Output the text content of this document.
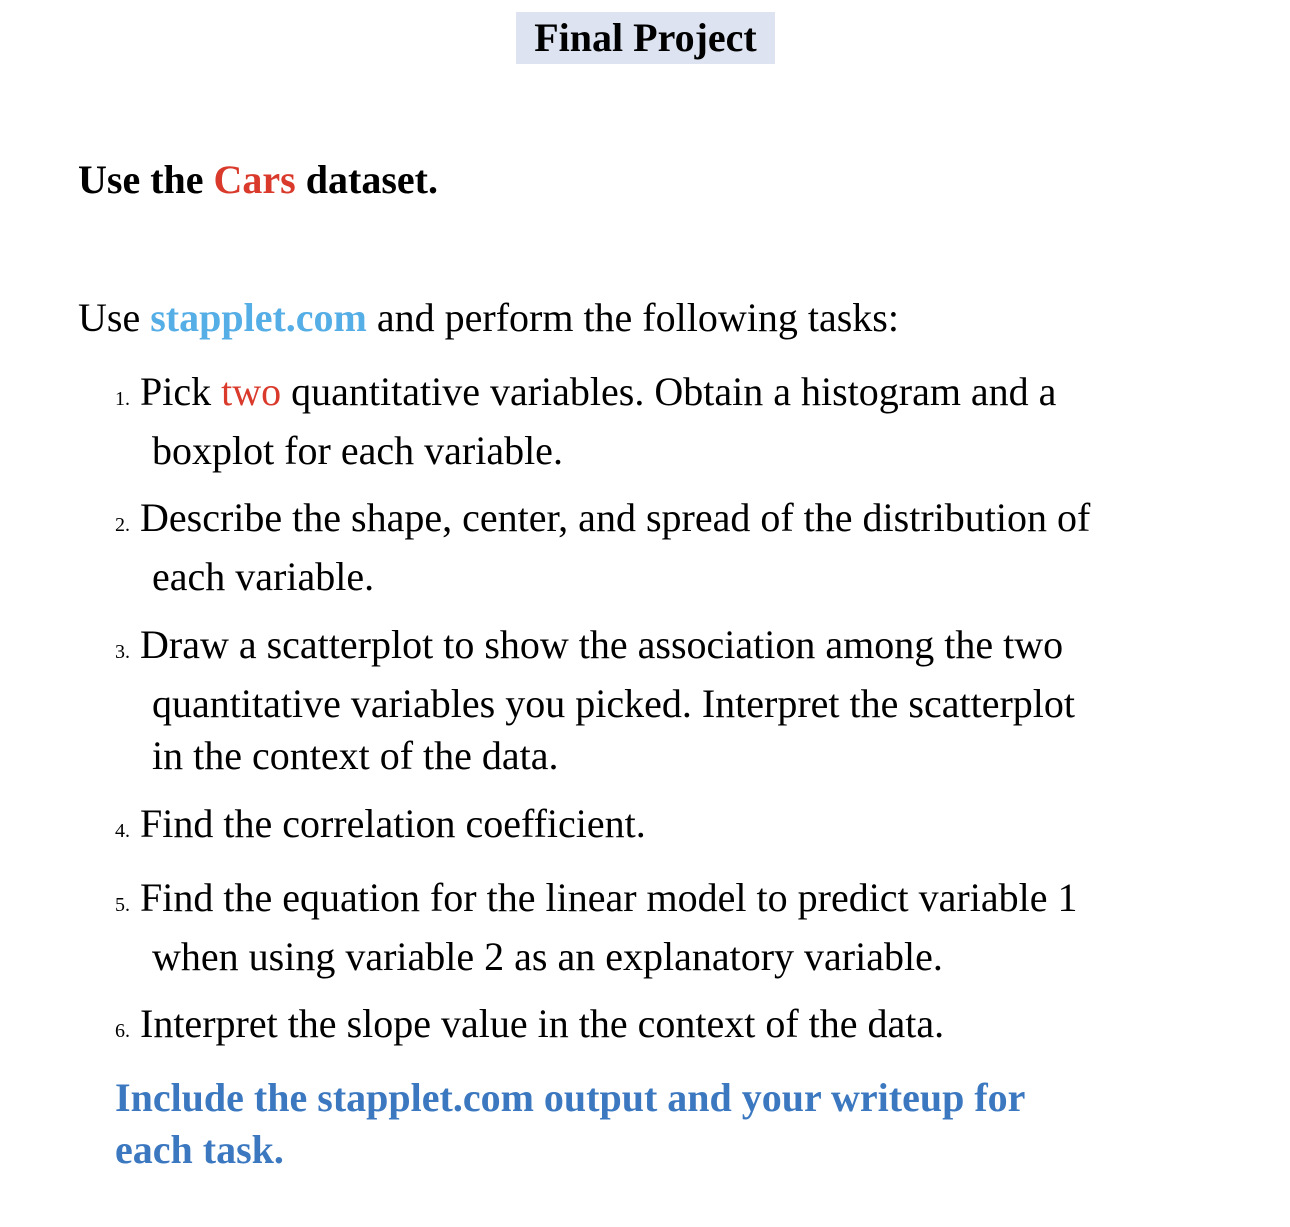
Final Project
Use the Cars dataset.
Use stapplet.com and perform the following tasks:
1. Pick two quantitative variables. Obtain a histogram and a
boxplot for each variable.
2. Describe the shape, center, and spread of the distribution of
each variable.
3. Draw a scatterplot to show the association among the two
quantitative variables you picked. Interpret the scatterplot
in the context of the data.
4. Find the correlation coefficient.
5. Find the equation for the linear model to predict variable 1
when using variable 2 as an explanatory variable.
6. Interpret the slope value in the context of the data.
Include the stapplet.com output and your writeup for
each task.
